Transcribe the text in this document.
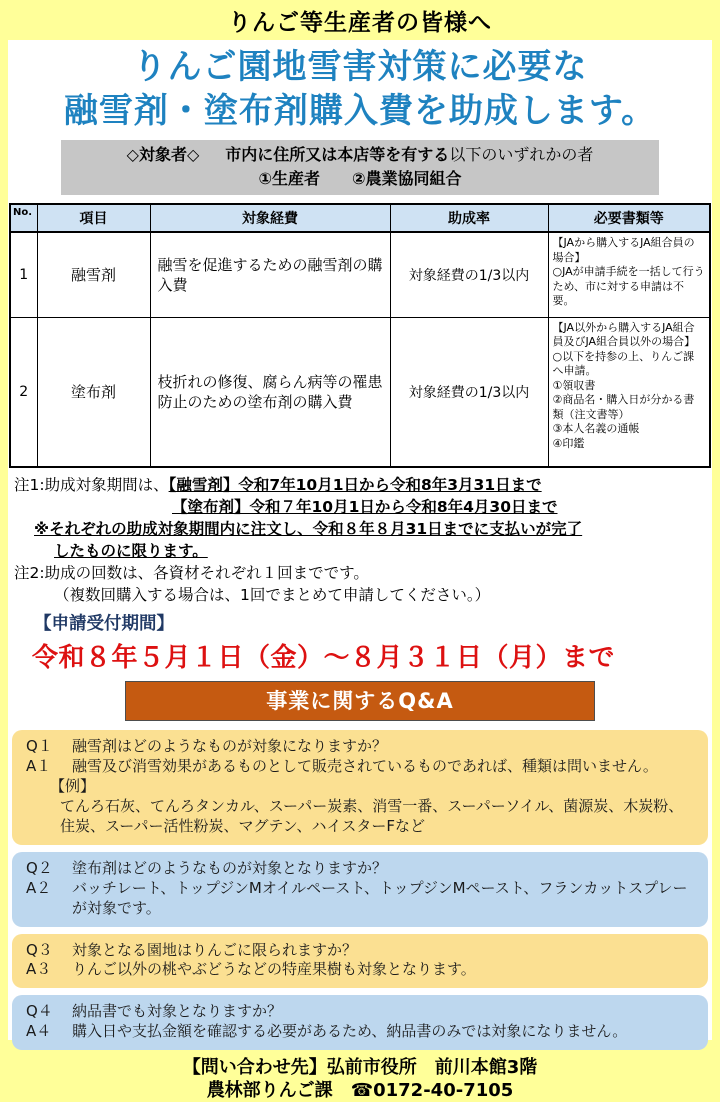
りんご等生産者の皆様へ
りんご園地雪害対策に必要な
融雪剤・塗布剤購入費を助成します。
◇対象者◇ 市内に住所又は本店等を有する以下のいずれかの者
①生産者　　②農業協同組合
No.	項目	対象経費	助成率	必要書類等
1	融雪剤	融雪を促進するための融雪剤の購入費	対象経費の1/3以内	【JAから購入するJA組合員の場合】
○JAが申請手続を一括して行うため、市に対する申請は不要。
2	塗布剤	枝折れの修復、腐らん病等の罹患防止のための塗布剤の購入費	対象経費の1/3以内	【JA以外から購入するJA組合員及びJA組合員以外の場合】
○以下を持参の上、りんご課へ申請。
①領収書
②商品名・購入日が分かる書類（注文書等）
③本人名義の通帳
④印鑑
注1:助成対象期間は、【融雪剤】令和7年10月1日から令和8年3月31日まで
【塗布剤】令和７年10月1日から令和8年4月30日まで
※それぞれの助成対象期間内に注文し、令和８年８月31日までに支払いが完了
したものに限ります。
注2:助成の回数は、各資材それぞれ１回までです。
（複数回購入する場合は、1回でまとめて申請してください。）
【申請受付期間】
令和８年５月１日（金）～８月３１日（月）まで
事業に関するQ&A
Q１	融雪剤はどのようなものが対象になりますか？
A１	融雪及び消雪効果があるものとして販売されているものであれば、種類は問いません。
【例】
てんろ石灰、てんろタンカル、スーパー炭素、消雪一番、スーパーソイル、菌源炭、木炭粉、住炭、スーパー活性粉炭、マグテン、ハイスターFなど
Q２	塗布剤はどのようなものが対象となりますか？
A２	バッチレート、トップジンMオイルペースト、トップジンMペースト、フランカットスプレーが対象です。
Q３	対象となる園地はりんごに限られますか？
A３	りんご以外の桃やぶどうなどの特産果樹も対象となります。
Q４	納品書でも対象となりますか？
A４	購入日や支払金額を確認する必要があるため、納品書のみでは対象になりません。
【問い合わせ先】弘前市役所　前川本館3階
農林部りんご課　☎0172-40-7105
